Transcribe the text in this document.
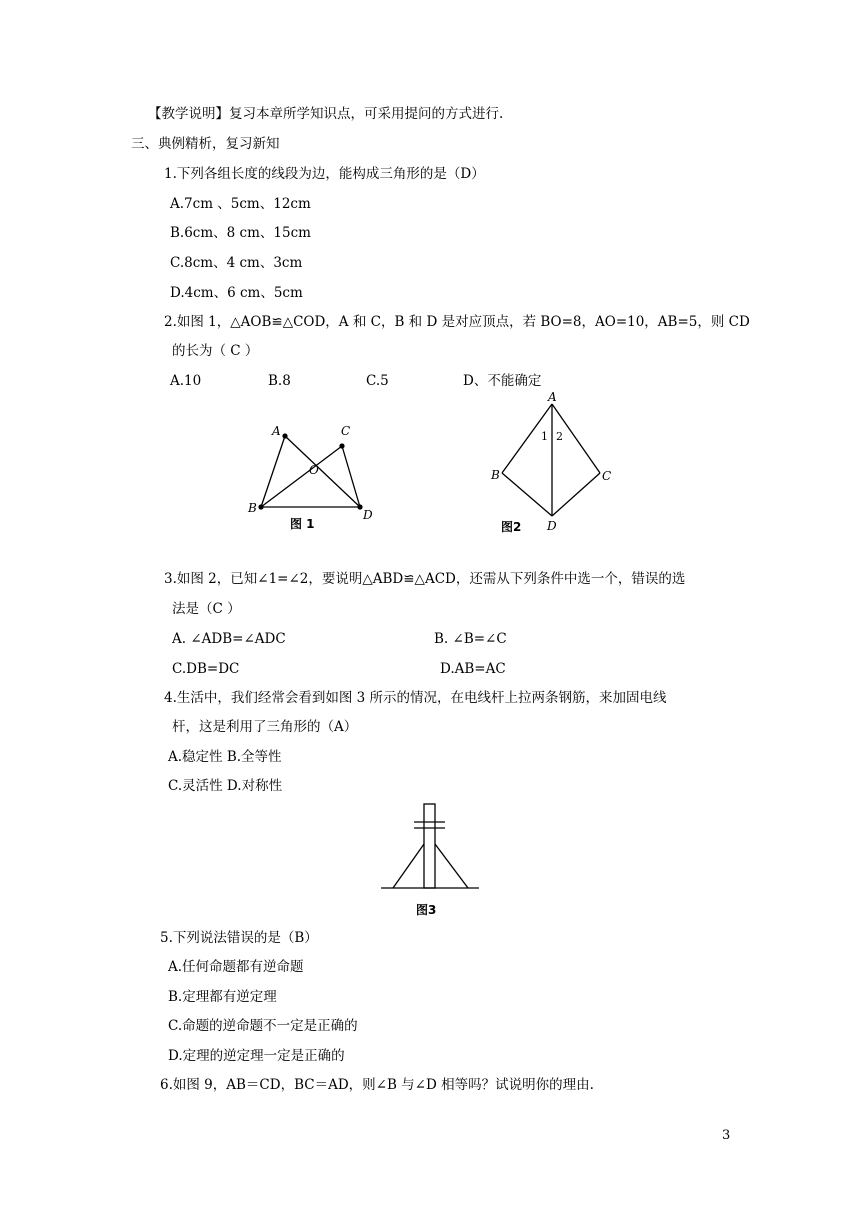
【教学说明】复习本章所学知识点，可采用提问的方式进行.
三、典例精析，复习新知
1.下列各组长度的线段为边，能构成三角形的是（D）
A.7cm 、5cm、12cm
B.6cm、8 cm、15cm
C.8cm、4 cm、3cm
D.4cm、6 cm、5cm
2.如图 1，△AOB≌△COD，A 和 C，B 和 D 是对应顶点，若 BO=8，AO=10，AB=5，则 CD
的长为（ C ）
A.10	B.8	C.5	D、不能确定
A
B
C
D
O
图 1
A
B	C
D
1 2
图2
3.如图 2，已知∠1=∠2，要说明△ABD≌△ACD，还需从下列条件中选一个，错误的选
法是（C ）
A. ∠ADB=∠ADC	B. ∠B=∠C
C.DB=DC	D.AB=AC
4.生活中，我们经常会看到如图 3 所示的情况，在电线杆上拉两条钢筋，来加固电线
杆，这是利用了三角形的（A）
A.稳定性 B.全等性
C.灵活性 D.对称性
图3
5.下列说法错误的是（B）
A.任何命题都有逆命题
B.定理都有逆定理
C.命题的逆命题不一定是正确的
D.定理的逆定理一定是正确的
6.如图 9，AB＝CD，BC＝AD，则∠B 与∠D 相等吗？试说明你的理由.
3
